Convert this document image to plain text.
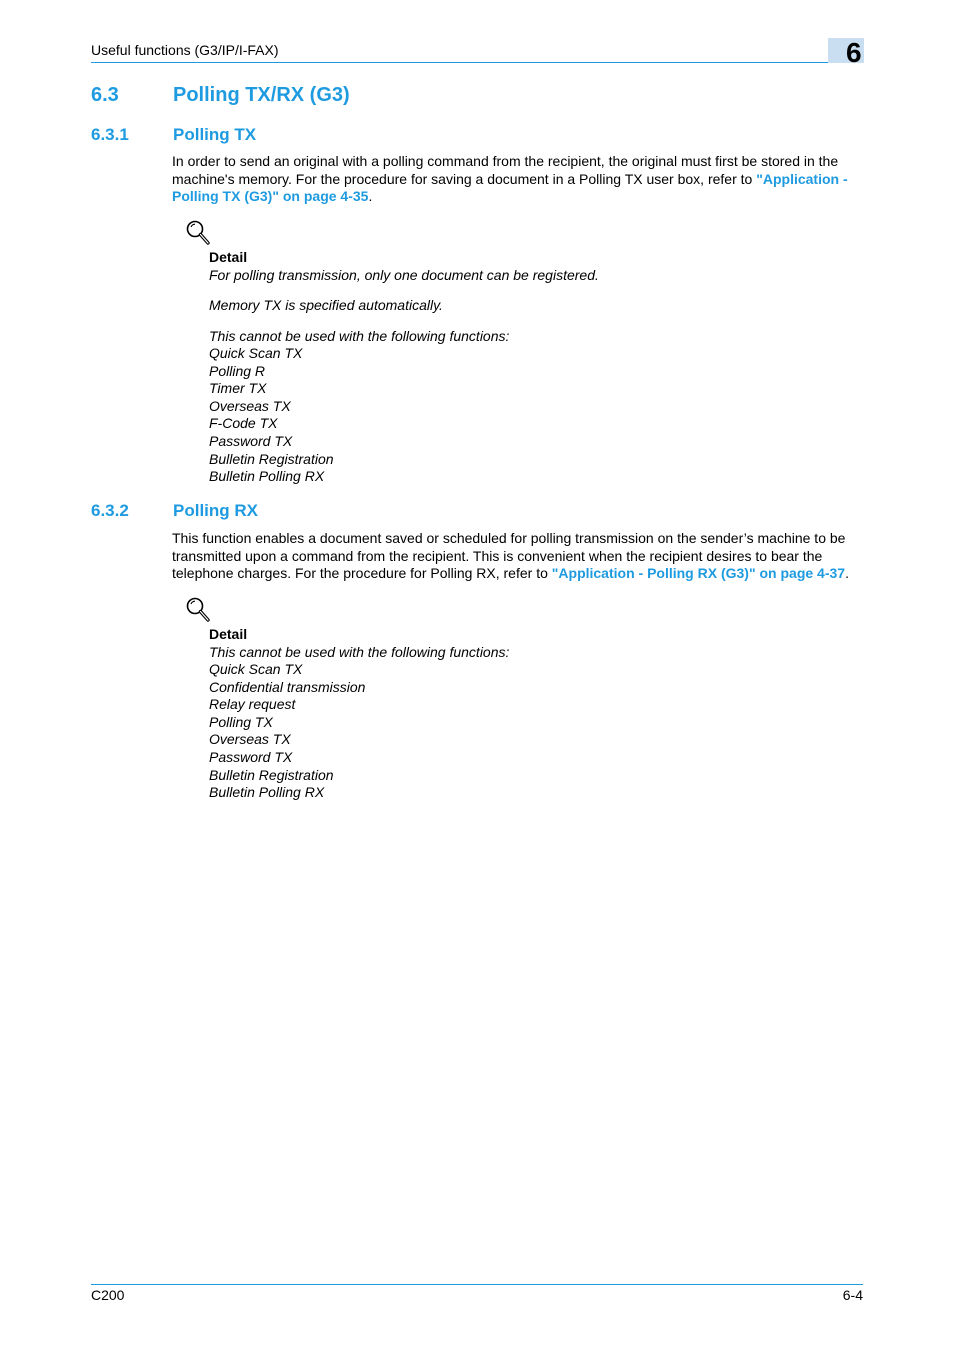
Useful functions (G3/IP/I-FAX)	6
6.3	Polling TX/RX (G3)
6.3.1	Polling TX
In order to send an original with a polling command from the recipient, the original must first be stored in the machine's memory. For the procedure for saving a document in a Polling TX user box, refer to "Application - Polling TX (G3)" on page 4-35.
Detail
For polling transmission, only one document can be registered.
Memory TX is specified automatically.
This cannot be used with the following functions:
Quick Scan TX
Polling R
Timer TX
Overseas TX
F-Code TX
Password TX
Bulletin Registration
Bulletin Polling RX
6.3.2	Polling RX
This function enables a document saved or scheduled for polling transmission on the sender’s machine to be transmitted upon a command from the recipient. This is convenient when the recipient desires to bear the telephone charges. For the procedure for Polling RX, refer to "Application - Polling RX (G3)" on page 4-37.
Detail
This cannot be used with the following functions:
Quick Scan TX
Confidential transmission
Relay request
Polling TX
Overseas TX
Password TX
Bulletin Registration
Bulletin Polling RX
C200	6-4
